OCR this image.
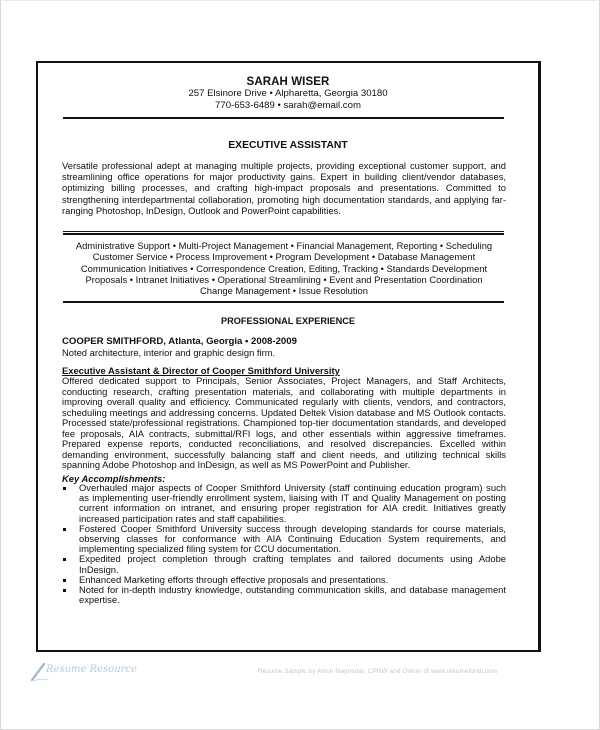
SARAH WISER
257 Elsinore Drive • Alpharetta, Georgia 30180
770-653-6489 • sarah@email.com
EXECUTIVE ASSISTANT
Versatile professional adept at managing multiple projects, providing exceptional customer support, and streamlining office operations for major productivity gains. Expert in building client/vendor databases, optimizing billing processes, and crafting high-impact proposals and presentations. Committed to strengthening interdepartmental collaboration, promoting high documentation standards, and applying far-ranging Photoshop, InDesign, Outlook and PowerPoint capabilities.
Administrative Support • Multi-Project Management • Financial Management, Reporting • Scheduling
Customer Service • Process Improvement • Program Development • Database Management
Communication Initiatives • Correspondence Creation, Editing, Tracking • Standards Development
Proposals • Intranet Initiatives • Operational Streamlining • Event and Presentation Coordination
Change Management • Issue Resolution
PROFESSIONAL EXPERIENCE
COOPER SMITHFORD, Atlanta, Georgia • 2008-2009
Noted architecture, interior and graphic design firm.
Executive Assistant & Director of Cooper Smithford University
Offered dedicated support to Principals, Senior Associates, Project Managers, and Staff Architects, conducting research, crafting presentation materials, and collaborating with multiple departments in improving overall quality and efficiency. Communicated regularly with clients, vendors, and contractors, scheduling meetings and addressing concerns. Updated Deltek Vision database and MS Outlook contacts. Processed state/professional registrations. Championed top-tier documentation standards, and developed fee proposals, AIA contracts, submittal/RFI logs, and other essentials within aggressive timeframes. Prepared expense reports, conducted reconciliations, and resolved discrepancies. Excelled within demanding environment, successfully balancing staff and client needs, and utilizing technical skills spanning Adobe Photoshop and InDesign, as well as MS PowerPoint and Publisher.
Key Accomplishments:
Overhauled major aspects of Cooper Smithford University (staff continuing education program) such as implementing user-friendly enrollment system, liaising with IT and Quality Management on posting current information on intranet, and ensuring proper registration for AIA credit. Initiatives greatly increased participation rates and staff capabilities.
Fostered Cooper Smithford University success through developing standards for course materials, observing classes for conformance with AIA Continuing Education System requirements, and implementing specialized filing system for CCU documentation.
Expedited project completion through crafting templates and tailored documents using Adobe InDesign.
Enhanced Marketing efforts through effective proposals and presentations.
Noted for in-depth industry knowledge, outstanding communication skills, and database management expertise.
Resume Resource	Resume Sample by Anish Majumdar, CPRW and Owner of www.resumeforall.com
